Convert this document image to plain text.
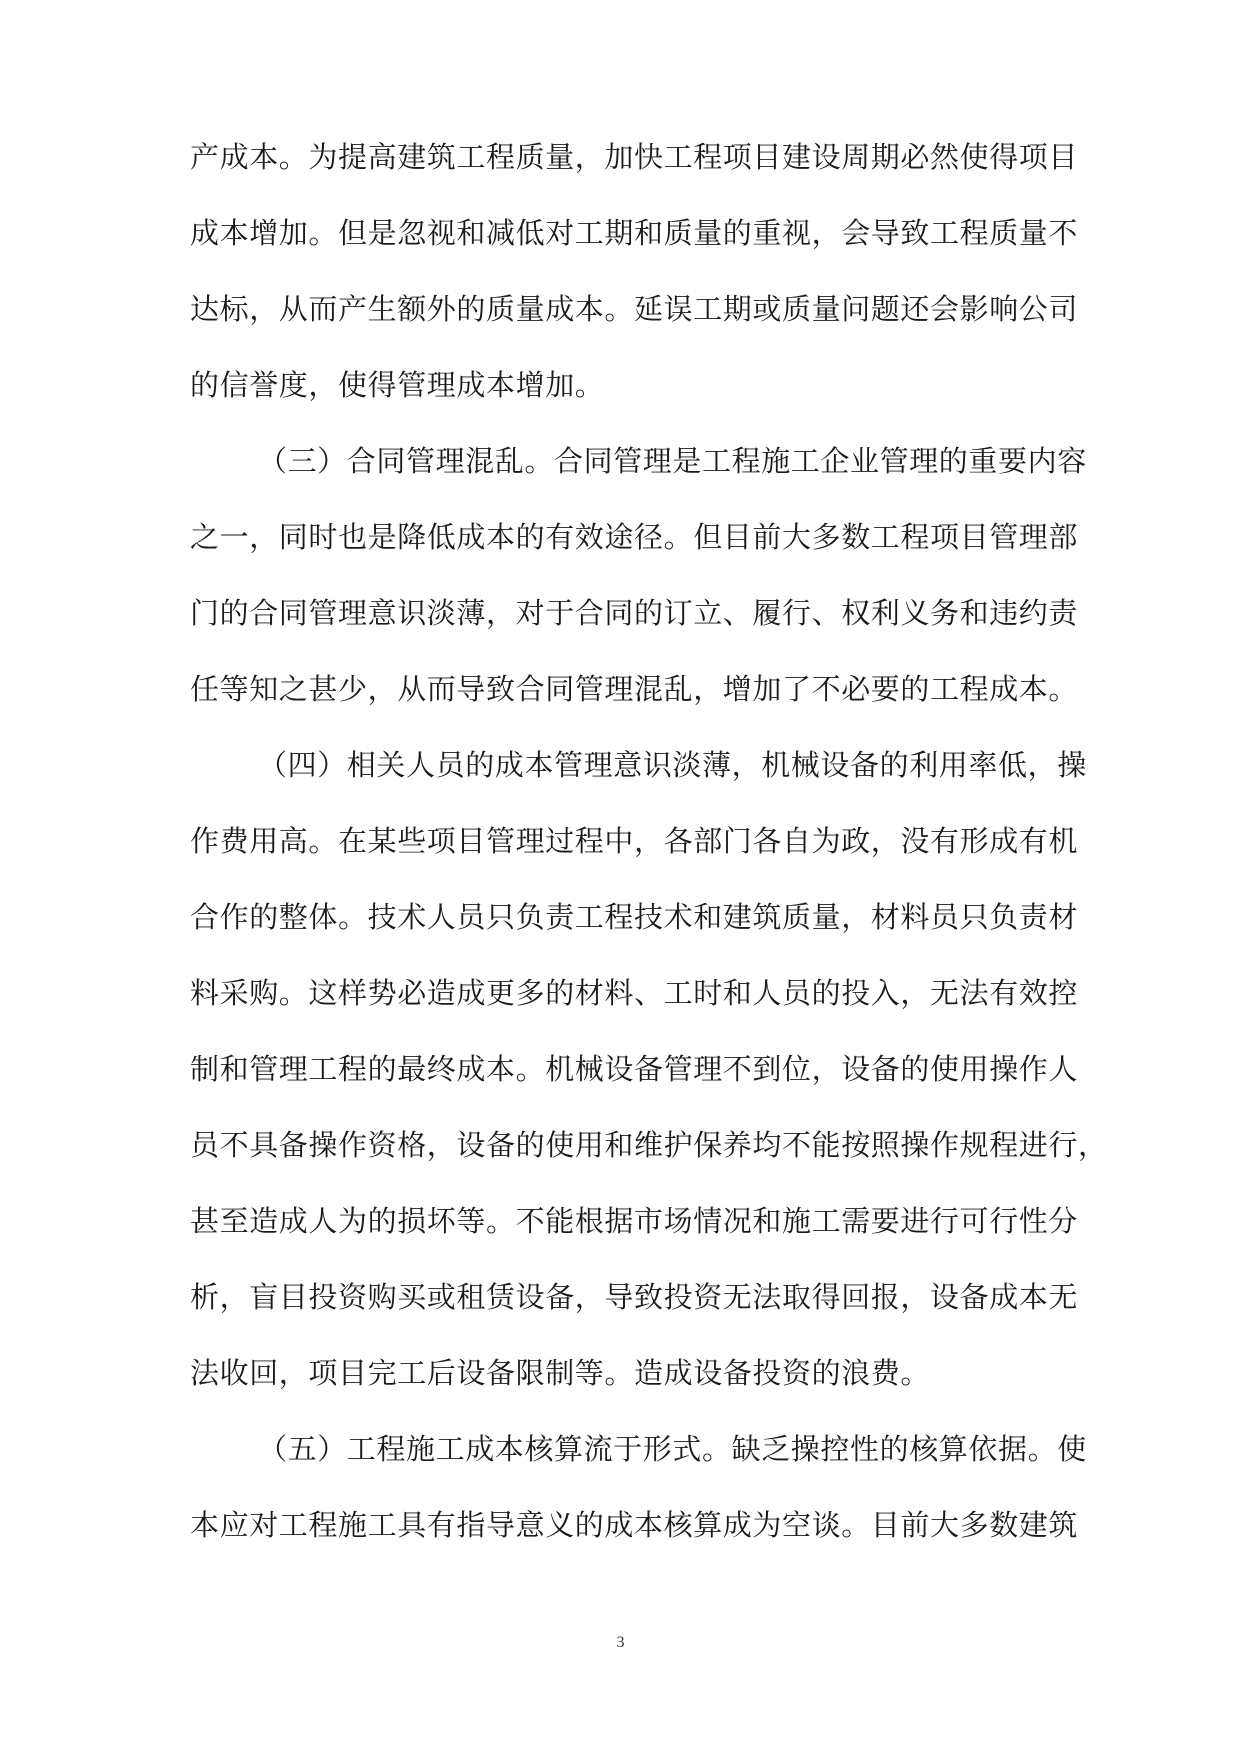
产成本。为提高建筑工程质量，加快工程项目建设周期必然使得项目
成本增加。但是忽视和减低对工期和质量的重视，会导致工程质量不
达标，从而产生额外的质量成本。延误工期或质量问题还会影响公司
的信誉度，使得管理成本增加。
（三）合同管理混乱。合同管理是工程施工企业管理的重要内容
之一，同时也是降低成本的有效途径。但目前大多数工程项目管理部
门的合同管理意识淡薄，对于合同的订立、履行、权利义务和违约责
任等知之甚少，从而导致合同管理混乱，增加了不必要的工程成本。
（四）相关人员的成本管理意识淡薄，机械设备的利用率低，操
作费用高。在某些项目管理过程中，各部门各自为政，没有形成有机
合作的整体。技术人员只负责工程技术和建筑质量，材料员只负责材
料采购。这样势必造成更多的材料、工时和人员的投入，无法有效控
制和管理工程的最终成本。机械设备管理不到位，设备的使用操作人
员不具备操作资格，设备的使用和维护保养均不能按照操作规程进行，
甚至造成人为的损坏等。不能根据市场情况和施工需要进行可行性分
析，盲目投资购买或租赁设备，导致投资无法取得回报，设备成本无
法收回，项目完工后设备限制等。造成设备投资的浪费。
（五）工程施工成本核算流于形式。缺乏操控性的核算依据。使
本应对工程施工具有指导意义的成本核算成为空谈。目前大多数建筑
3
